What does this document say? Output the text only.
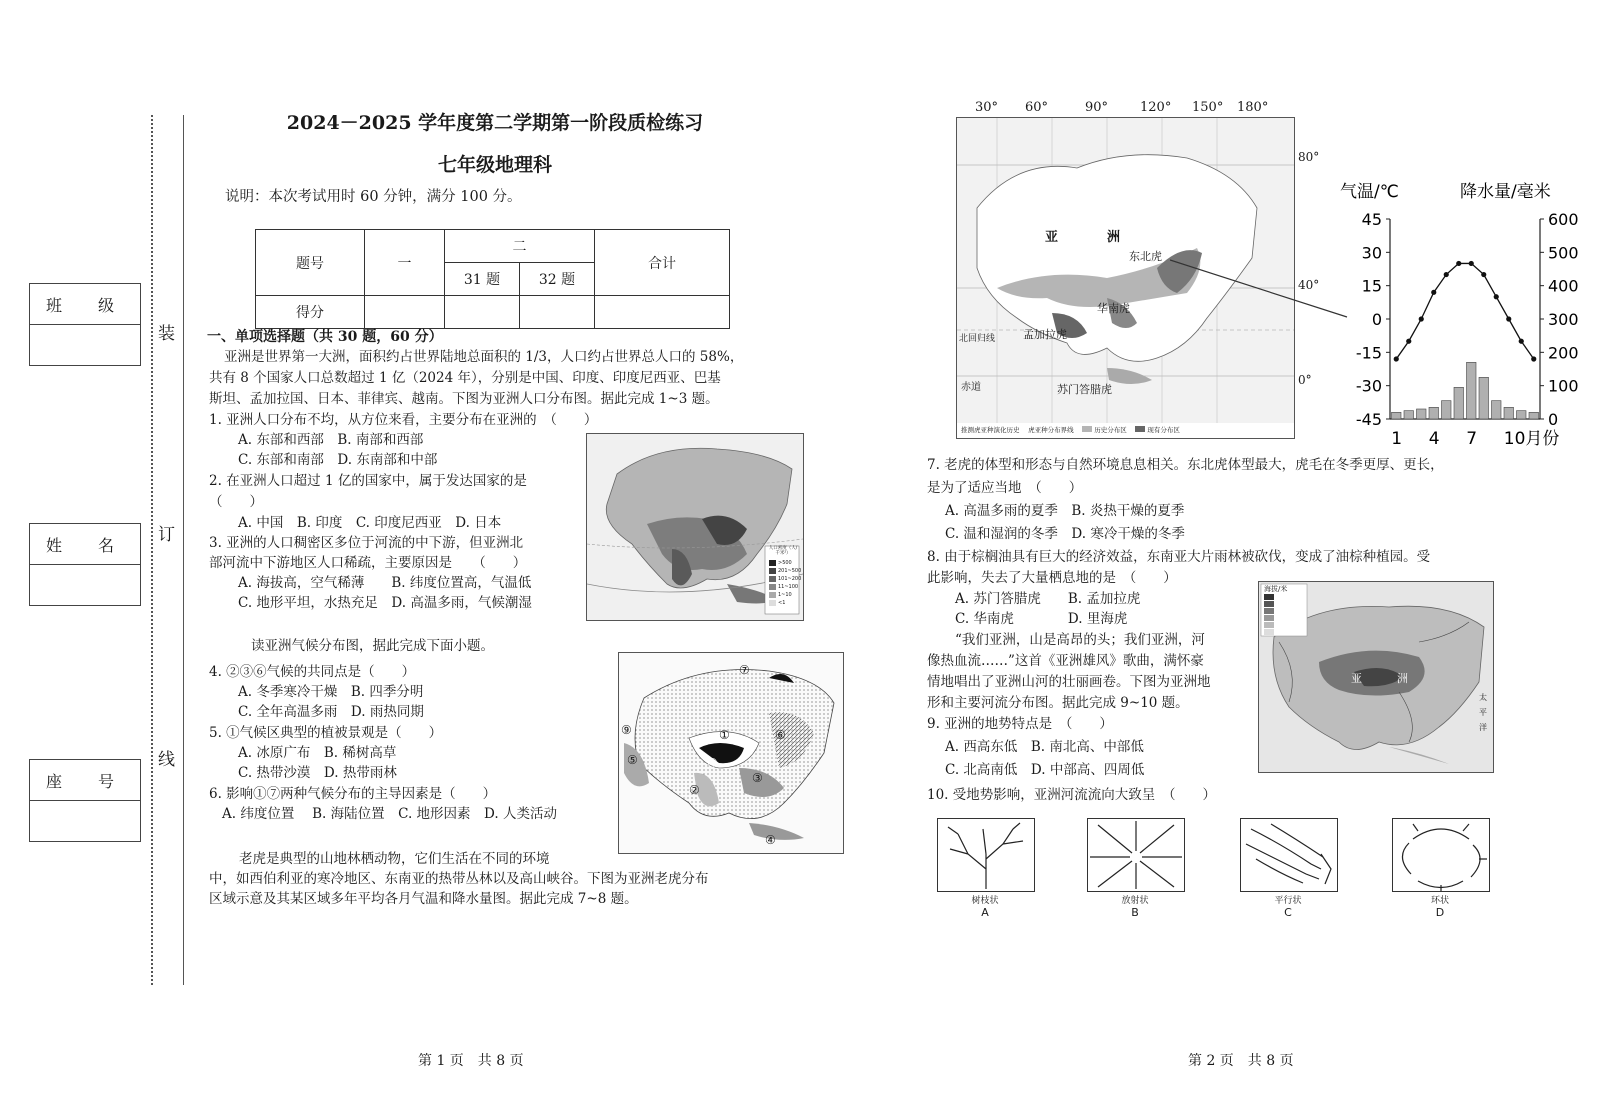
班　级
姓　名
座　号
装
订
线
2024－2025 学年度第二学期第一阶段质检练习
七年级地理科
说明：本次考试用时 60 分钟，满分 100 分。
题号	一	二		合计
		31 题	32 题	
得分				
一、单项选择题（共 30 题，60 分）
亚洲是世界第一大洲，面积约占世界陆地总面积的 1/3，人口约占世界总人口的 58%，
共有 8 个国家人口总数超过 1 亿（2024 年），分别是中国、印度、印度尼西亚、巴基
斯坦、孟加拉国、日本、菲律宾、越南。下图为亚洲人口分布图。据此完成 1~3 题。
1. 亚洲人口分布不均，从方位来看，主要分布在亚洲的　（　　）
A. 东部和西部　B. 南部和西部
C. 东部和南部　D. 东南部和中部
2. 在亚洲人口超过 1 亿的国家中，属于发达国家的是
（　　）
A. 中国　B. 印度　C. 印度尼西亚　D. 日本
3. 亚洲的人口稠密区多位于河流的中下游，但亚洲北
部河流中下游地区人口稀疏，主要原因是　　（　　）
A. 海拔高，空气稀薄　　B. 纬度位置高，气温低
C. 地形平坦，水热充足　D. 高温多雨，气候潮湿
人口密度（人/千米²）
>500
201~500
101~200
11~100
1~10
<1
读亚洲气候分布图，据此完成下面小题。
4. ②③⑥气候的共同点是（　　）
A. 冬季寒冷干燥　B. 四季分明
C. 全年高温多雨　D. 雨热同期
5. ①气候区典型的植被景观是（　　）
A. 冰原广布　B. 稀树高草
C. 热带沙漠　D. 热带雨林
6. 影响①⑦两种气候分布的主导因素是（　　）
A. 纬度位置　 B. 海陆位置　C. 地形因素　D. 人类活动
①
②
③
⑤
⑥
⑦
⑧
⑨
④
老虎是典型的山地林栖动物，它们生活在不同的环境
中，如西伯利亚的寒冷地区、东南亚的热带丛林以及高山峡谷。下图为亚洲老虎分布
区域示意及其某区域多年平均各月气温和降水量图。据此完成 7~8 题。
30° 60°	90° 120° 150° 180°
亚	洲
东北虎
华南虎
孟加拉虎
苏门答腊虎
北回归线
赤道
推测虎亚种演化历史　 虎亚种分布界线　	历史分布区　	现有分布区
80°
40°
0°
气温/℃	降水量/毫米
45
30
15
0
-15
-30
-45
600
500
400
300
200
100
0
1 4 7 10月份
7. 老虎的体型和形态与自然环境息息相关。东北虎体型最大，虎毛在冬季更厚、更长，
是为了适应当地　（　　）
A. 高温多雨的夏季　B. 炎热干燥的夏季
C. 温和湿润的冬季　D. 寒冷干燥的冬季
8. 由于棕榈油具有巨大的经济效益，东南亚大片雨林被砍伐，变成了油棕种植园。受
此影响，失去了大量栖息地的是　（　　）
A. 苏门答腊虎　　B. 孟加拉虎
C. 华南虎　　　　D. 里海虎
“我们亚洲，山是高昂的头；我们亚洲，河
像热血流……”这首《亚洲雄风》歌曲，满怀豪
情地唱出了亚洲山河的壮丽画卷。下图为亚洲地
形和主要河流分布图。据此完成 9~10 题。
9. 亚洲的地势特点是　（　　）
A. 西高东低　B. 南北高、中部低
C. 北高南低　D. 中部高、四周低
10. 受地势影响，亚洲河流流向大致呈　（　　）
海拔/米
亚	洲
太
平
洋
树枝状
A
放射状
B
平行状
C
环状
D
第 1 页　共 8 页	第 2 页　共 8 页
